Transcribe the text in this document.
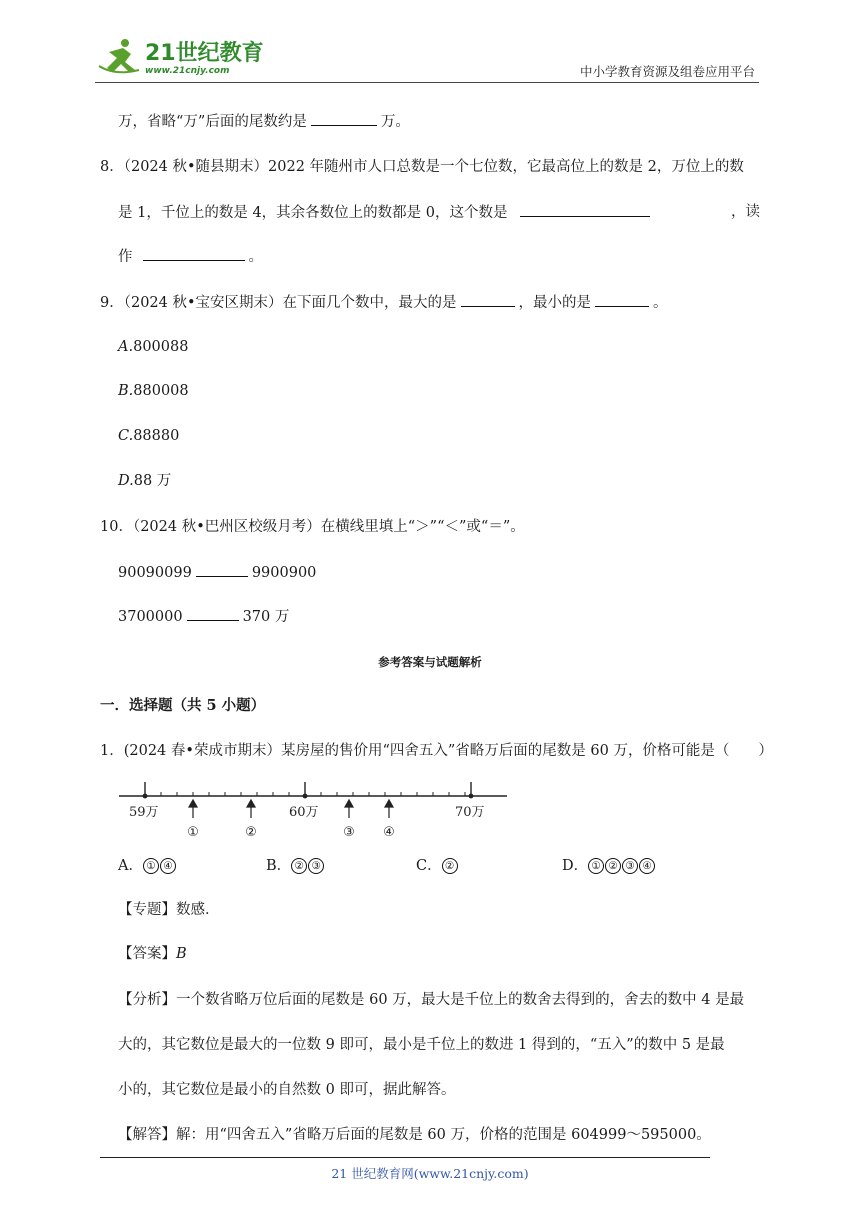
21世纪教育
www.21cnjy.com	中小学教育资源及组卷应用平台
万，省略“万”后面的尾数约是	万。
8．（2024 秋•随县期末）2022 年随州市人口总数是一个七位数，它最高位上的数是 2，万位上的数
是 1，千位上的数是 4，其余各数位上的数都是 0，这个数是	，读
作	。
9．（2024 秋•宝安区期末）在下面几个数中，最大的是	，最小的是	。
A.800088
B.880008
C.88880
D.88 万
10．（2024 秋•巴州区校级月考）在横线里填上“＞”“＜”或“＝”。
90090099	9900900
3700000	370 万
参考答案与试题解析
一．选择题（共 5 小题）
1．(2024 春•荣成市期末）某房屋的售价用“四舍五入”省略万后面的尾数是 60 万，价格可能是（　　）
59万	60万	70万
①	②	③ ④
A． ① ④	B． ② ③	C． ②	D． ① ② ③ ④
【专题】数感．
【答案】B
【分析】一个数省略万位后面的尾数是 60 万，最大是千位上的数舍去得到的，舍去的数中 4 是最
大的，其它数位是最大的一位数 9 即可，最小是千位上的数进 1 得到的，“五入”的数中 5 是最
小的，其它数位是最小的自然数 0 即可，据此解答。
【解答】解：用“四舍五入”省略万后面的尾数是 60 万，价格的范围是 604999～595000。
21 世纪教育网(www.21cnjy.com)
